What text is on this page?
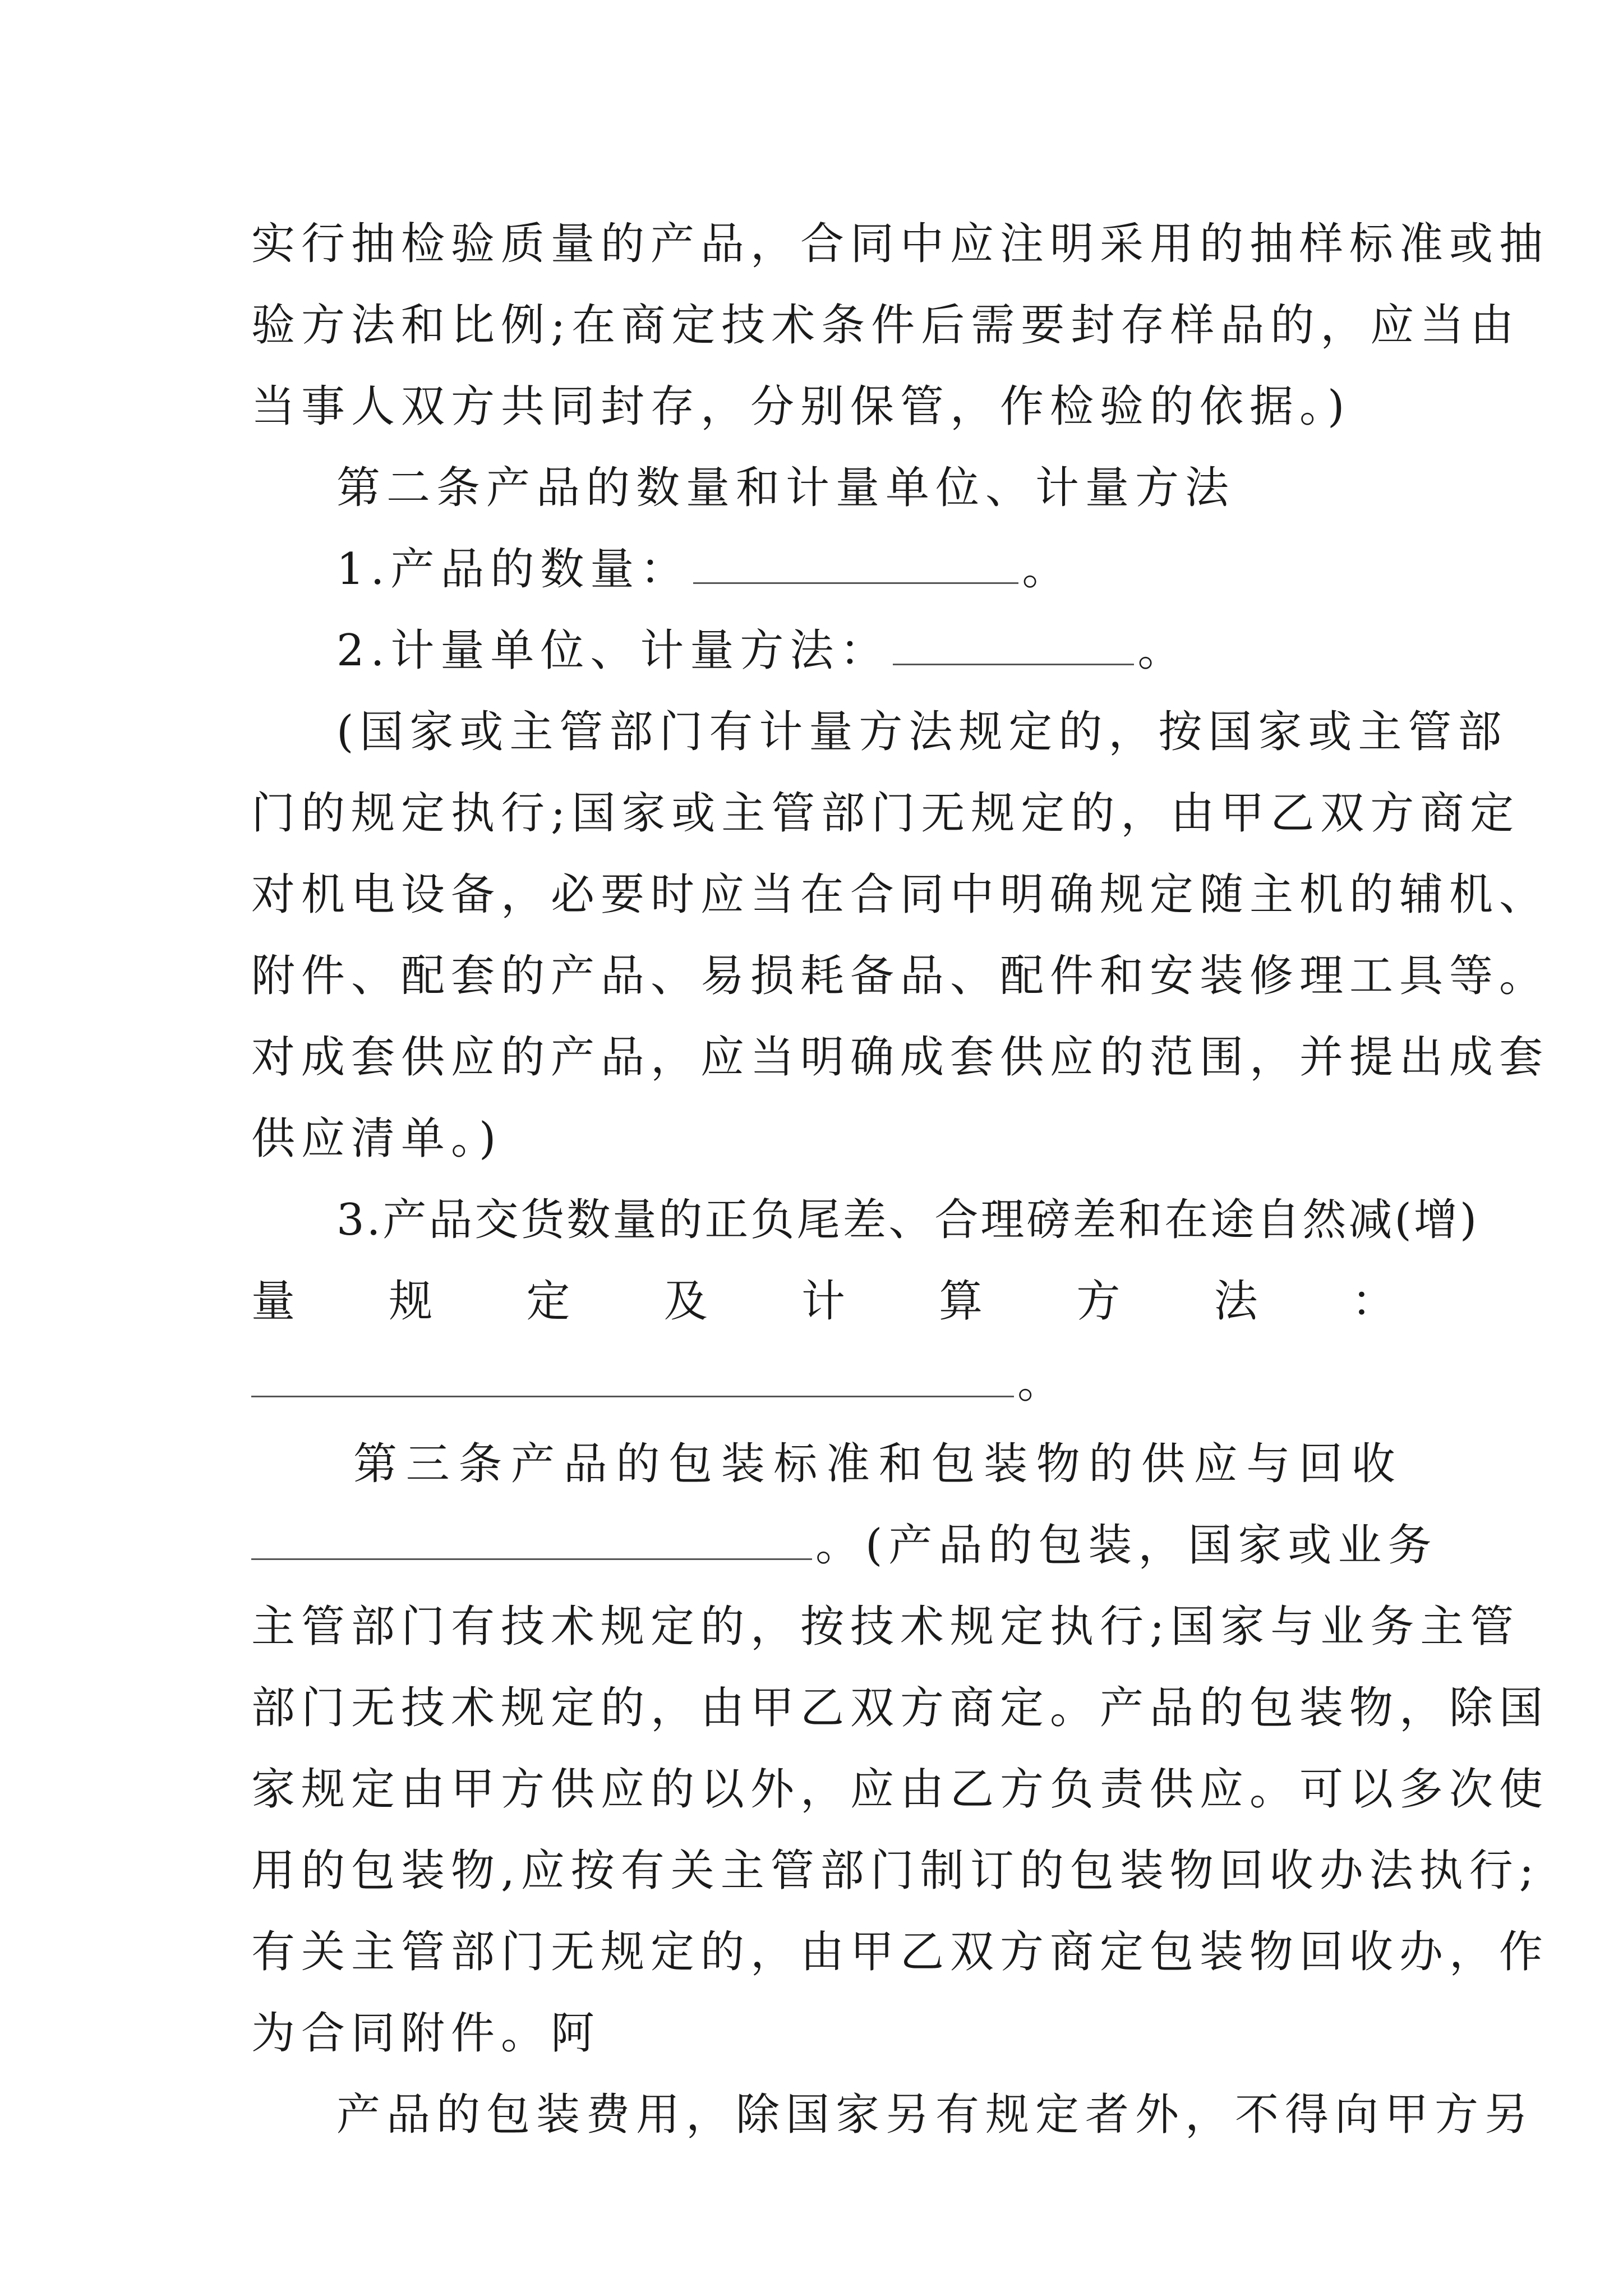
实行抽检验质量的产品，合同中应注明采用的抽样标准或抽
验方法和比例;在商定技术条件后需要封存样品的，应当由
当事人双方共同封存，分别保管，作检验的依据。)
第二条产品的数量和计量单位、计量方法
1.产品的数量：	。
2.计量单位、计量方法：	。
(国家或主管部门有计量方法规定的，按国家或主管部
门的规定执行;国家或主管部门无规定的，由甲乙双方商定
对机电设备，必要时应当在合同中明确规定随主机的辅机、
附件、配套的产品、易损耗备品、配件和安装修理工具等。
对成套供应的产品，应当明确成套供应的范围，并提出成套
供应清单。)
3.产品交货数量的正负尾差、合理磅差和在途自然减(增)
量 规 定 及 计 算 方 法 ：
。
第 三 条 产 品 的 包 装 标 准 和 包 装 物 的 供 应 与 回 收
。(产品的包装，国家或业务
主管部门有技术规定的，按技术规定执行;国家与业务主管
部门无技术规定的，由甲乙双方商定。产品的包装物，除国
家规定由甲方供应的以外，应由乙方负责供应。可以多次使
用的包装物,应按有关主管部门制订的包装物回收办法执行;
有关主管部门无规定的，由甲乙双方商定包装物回收办，作
为合同附件。阿
产品的包装费用，除国家另有规定者外，不得向甲方另
